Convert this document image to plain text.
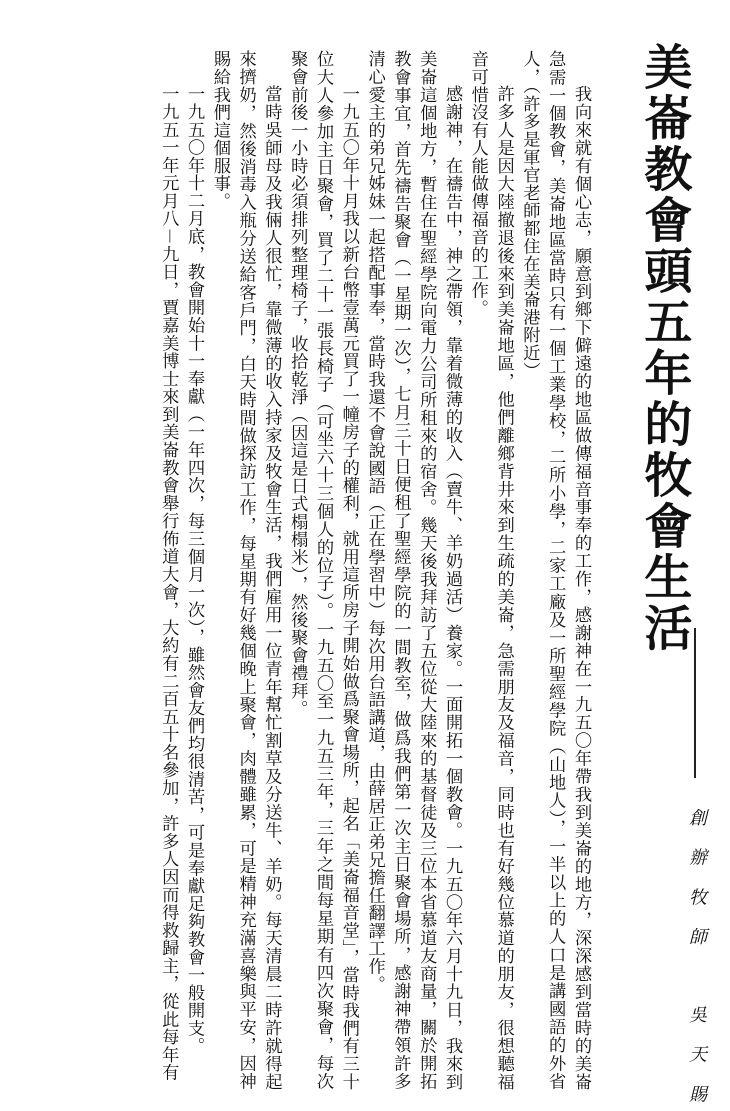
美崙教會頭五年的牧會生活
創 辦 牧 師　　吳 天 賜

我向來就有個心志，願意到鄉下僻遠的地區做傳福音事奉的工作，感謝神在一九五〇年帶我到美崙的地方，深深感到當時的美崙急需一個教會，美崙地區當時只有一個工業學校，二所小學，二家工廠及一所聖經學院（山地人），一半以上的人口是講國語的外省人，（許多是軍官老師都住在美崙港附近）

許多人是因大陸撤退後來到美崙地區，他們離鄉背井來到生疏的美崙，急需朋友及福音，同時也有好幾位慕道的朋友，很想聽福音可惜沒有人能做傳福音的工作。

感謝神，在禱告中，神之帶領，靠着微薄的收入（賣牛、羊奶過活）養家。一面開拓一個教會。一九五〇年六月十九日，我來到美崙這個地方，暫住在聖經學院向電力公司所租來的宿舍。幾天後我拜訪了五位從大陸來的基督徒及三位本省慕道友商量，關於開拓教會事宜，首先禱告聚會（一星期一次），七月三十日便租了聖經學院的一間教室，做爲我們第一次主日聚會場所，感謝神帶領許多清心愛主的弟兄姊妹一起搭配事奉，當時我還不會說國語（正在學習中）每次用台語講道，由薛居正弟兄擔任翻譯工作。

一九五〇年十月我以新台幣壹萬元買了一幢房子的權利，就用這所房子開始做爲聚會場所，起名「美崙福音堂」，當時我們有三十位大人參加主日聚會，買了二十一張長椅子（可坐六十三個人的位子）。一九五〇至一九五三年，三年之間每星期有四次聚會，每次聚會前後一小時必須排列整理椅子，收拾乾淨（因這是日式榻榻米），然後聚會禮拜。

當時吳師母及我倆人很忙，靠微薄的收入持家及牧會生活，我們雇用一位青年幫忙割草及分送牛、羊奶。每天清晨二時許就得起來擠奶，然後消毒入瓶分送給客戶門，白天時間做探訪工作，每星期有好幾個晚上聚會，肉體雖累，可是精神充滿喜樂與平安，因神賜給我們這個服事。

一九五〇年十二月底，教會開始十一奉獻（一年四次，每三個月一次），雖然會友們均很清苦，可是奉獻足夠教會一般開支。

一九五一年元月八－九日，賈嘉美博士來到美崙教會舉行佈道大會，大約有二百五十名參加，許多人因而得救歸主，從此每年有
